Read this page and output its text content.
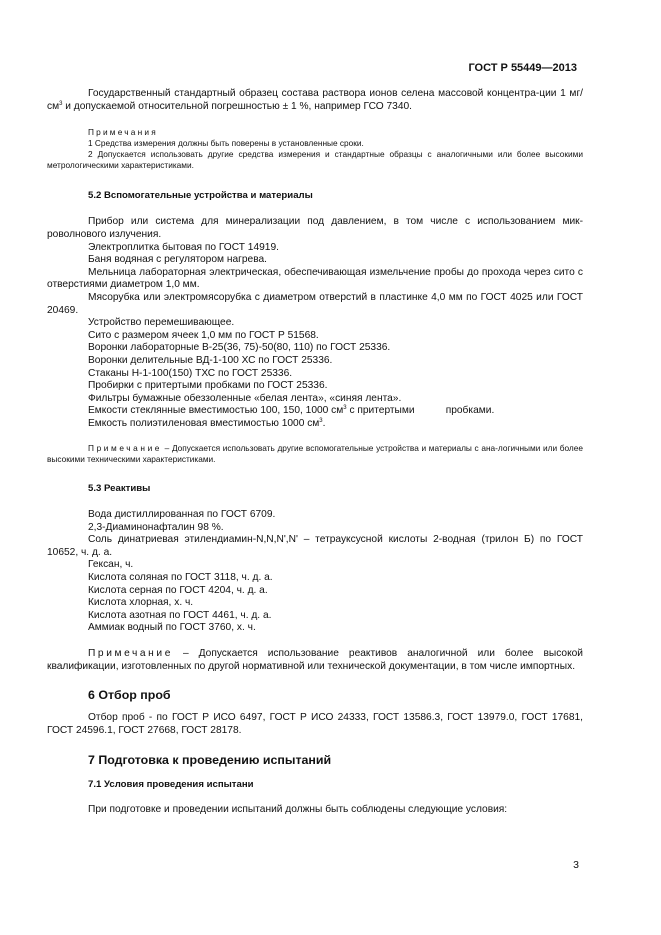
ГОСТ Р 55449—2013

Государственный стандартный образец состава раствора ионов селена массовой концентра-ции 1 $мг/см^3$ и допускаемой относительной погрешностью ± 1 %, например ГСО 7340.

Примечания

1 Средства измерения должны быть поверены в установленные сроки.

2 Допускается использовать другие средства измерения и стандартные образцы с аналогичными или более высокими метрологическими характеристиками.

5.2 Вспомогательные устройства и материалы

Прибор или система для минерализации под давлением, в том числе с использованием мик-роволнового излучения.

Электроплитка бытовая по ГОСТ 14919.

Баня водяная с регулятором нагрева.

Мельница лабораторная электрическая, обеспечивающая измельчение пробы до прохода через сито с отверстиями диаметром 1,0 мм.

Мясорубка или электромясорубка с диаметром отверстий в пластинке 4,0 мм по ГОСТ 4025 или ГОСТ 20469.

Устройство перемешивающее.

Сито с размером ячеек 1,0 мм по ГОСТ Р 51568.

Воронки лабораторные В-25(36, 75)-50(80, 110) по ГОСТ 25336.

Воронки делительные ВД-1-100 ХС по ГОСТ 25336.

Стаканы Н-1-100(150) ТХС по ГОСТ 25336.

Пробирки с притертыми пробками по ГОСТ 25336.

Фильтры бумажные обеззоленные «белая лента», «синяя лента».

Емкости стеклянные вместимостью 100, 150, 1000 $см^3$ с притертыми           пробками.

Емкость полиэтиленовая вместимостью 1000 $см^3$.

Примечание – Допускается использовать другие вспомогательные устройства и материалы с ана-логичными или более высокими техническими характеристиками.

5.3 Реактивы

Вода дистиллированная по ГОСТ 6709.

2,3-Диаминонафталин 98 %.

Соль динатриевая этилендиамин-N,N,N',N' – тетрауксусной кислоты 2-водная (трилон Б) по ГОСТ 10652, ч. д. а.

Гексан, ч.

Кислота соляная по ГОСТ 3118, ч. д. а.

Кислота серная по ГОСТ 4204, ч. д. а.

Кислота хлорная, х. ч.

Кислота азотная по ГОСТ 4461, ч. д. а.

Аммиак водный по ГОСТ 3760, х. ч.

Примечание – Допускается использование реактивов аналогичной или более высокой квалификации, изготовленных по другой нормативной или технической документации, в том числе импортных.

6 Отбор проб

Отбор проб - по ГОСТ Р ИСО 6497, ГОСТ Р ИСО 24333, ГОСТ 13586.3, ГОСТ 13979.0, ГОСТ 17681, ГОСТ 24596.1, ГОСТ 27668, ГОСТ 28178.

7 Подготовка к проведению испытаний

7.1 Условия проведения испытани

При подготовке и проведении испытаний должны быть соблюдены следующие условия:

3
